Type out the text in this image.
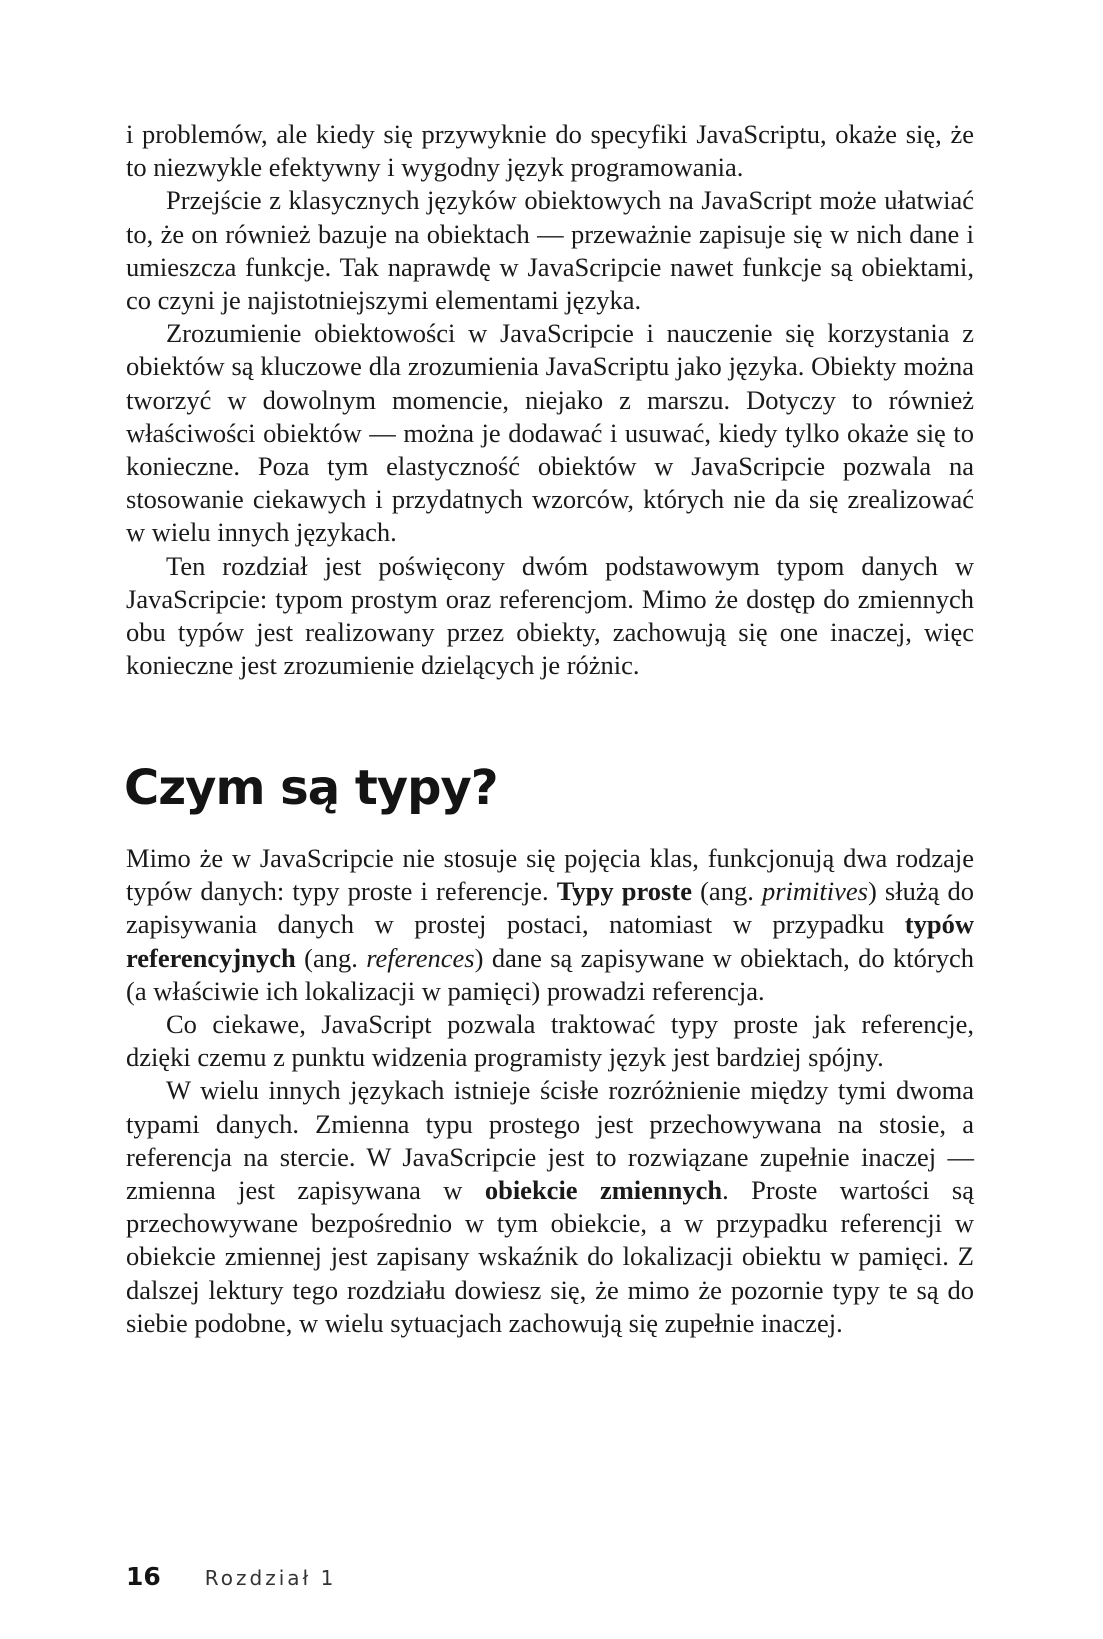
i problemów, ale kiedy się przywyknie do specyfiki JavaScriptu, okaże się, że to niezwykle efektywny i wygodny język programowania.

Przejście z klasycznych języków obiektowych na JavaScript może ułatwiać to, że on również bazuje na obiektach — przeważnie zapisuje się w nich dane i umieszcza funkcje. Tak naprawdę w JavaScripcie nawet funkcje są obiektami, co czyni je najistotniejszymi elementami języka.

Zrozumienie obiektowości w JavaScripcie i nauczenie się korzystania z obiektów są kluczowe dla zrozumienia JavaScriptu jako języka. Obiekty można tworzyć w dowolnym momencie, niejako z marszu. Dotyczy to również właściwości obiektów — można je dodawać i usuwać, kiedy tylko okaże się to konieczne. Poza tym elastyczność obiektów w JavaScripcie pozwala na stosowanie ciekawych i przydatnych wzorców, których nie da się zrealizować w wielu innych językach.

Ten rozdział jest poświęcony dwóm podstawowym typom danych w JavaScripcie: typom prostym oraz referencjom. Mimo że dostęp do zmiennych obu typów jest realizowany przez obiekty, zachowują się one inaczej, więc konieczne jest zrozumienie dzielących je różnic.

Czym są typy?

Mimo że w JavaScripcie nie stosuje się pojęcia klas, funkcjonują dwa rodzaje typów danych: typy proste i referencje. Typy proste (ang. primitives) służą do zapisywania danych w prostej postaci, natomiast w przypadku typów referencyjnych (ang. references) dane są zapisywane w obiektach, do których (a właściwie ich lokalizacji w pamięci) prowadzi referencja.

Co ciekawe, JavaScript pozwala traktować typy proste jak referencje, dzięki czemu z punktu widzenia programisty język jest bardziej spójny.

W wielu innych językach istnieje ścisłe rozróżnienie między tymi dwoma typami danych. Zmienna typu prostego jest przechowywana na stosie, a referencja na stercie. W JavaScripcie jest to rozwiązane zupełnie inaczej — zmienna jest zapisywana w obiekcie zmiennych. Proste wartości są przechowywane bezpośrednio w tym obiekcie, a w przypadku referencji w obiekcie zmiennej jest zapisany wskaźnik do lokalizacji obiektu w pamięci. Z dalszej lektury tego rozdziału dowiesz się, że mimo że pozornie typy te są do siebie podobne, w wielu sytuacjach zachowują się zupełnie inaczej.

16 Rozdział 1
